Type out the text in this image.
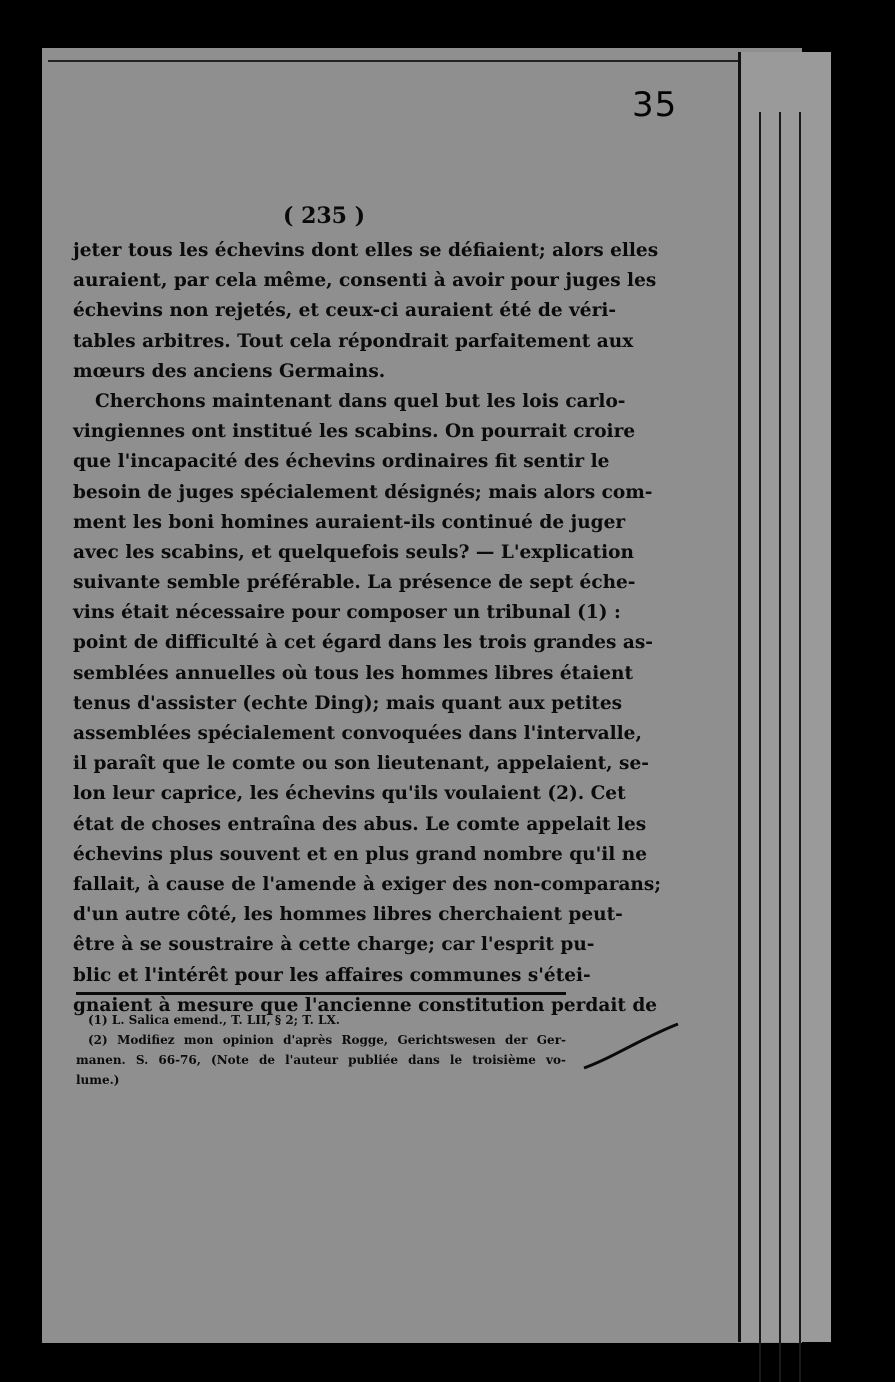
35
( 235 )
jeter tous les échevins dont elles se défiaient; alors elles
auraient, par cela même, consenti à avoir pour juges les
échevins non rejetés, et ceux-ci auraient été de véri-
tables arbitres. Tout cela répondrait parfaitement aux
mœurs des anciens Germains.
Cherchons maintenant dans quel but les lois carlo-
vingiennes ont institué les scabins. On pourrait croire
que l'incapacité des échevins ordinaires fit sentir le
besoin de juges spécialement désignés; mais alors com-
ment les boni homines auraient-ils continué de juger
avec les scabins, et quelquefois seuls? — L'explication
suivante semble préférable. La présence de sept éche-
vins était nécessaire pour composer un tribunal (1) :
point de difficulté à cet égard dans les trois grandes as-
semblées annuelles où tous les hommes libres étaient
tenus d'assister (echte Ding); mais quant aux petites
assemblées spécialement convoquées dans l'intervalle,
il paraît que le comte ou son lieutenant, appelaient, se-
lon leur caprice, les échevins qu'ils voulaient (2). Cet
état de choses entraîna des abus. Le comte appelait les
échevins plus souvent et en plus grand nombre qu'il ne
fallait, à cause de l'amende à exiger des non-comparans;
d'un autre côté, les hommes libres cherchaient peut-
être à se soustraire à cette charge; car l'esprit pu-
blic et l'intérêt pour les affaires communes s'étei-
gnaient à mesure que l'ancienne constitution perdait de
(1) L. Salica emend., T. LII, § 2; T. LX.
(2) Modifiez mon opinion d'après Rogge, Gerichtswesen der Ger-
manen. S. 66-76, (Note de l'auteur publiée dans le troisième vo-
lume.)
